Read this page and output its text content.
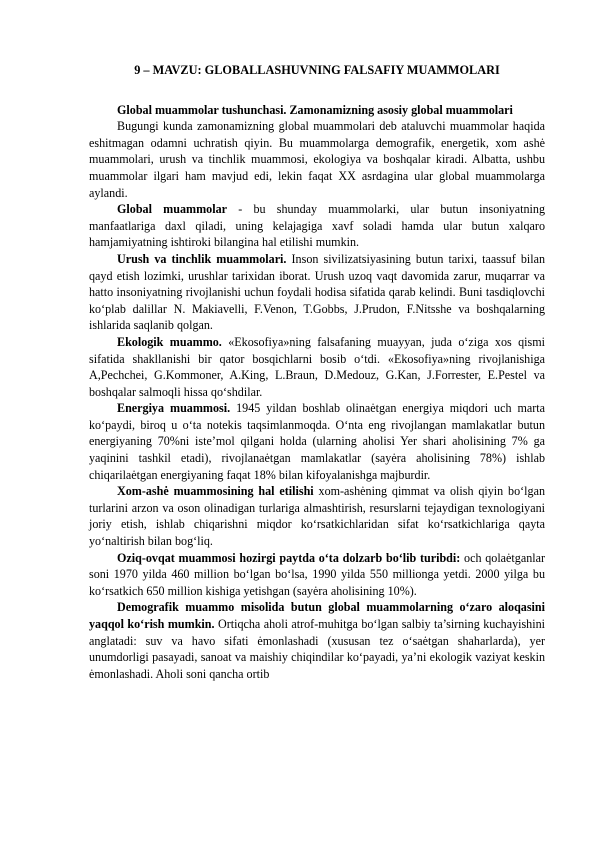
9 – MAVZU: GLOBALLASHUVNING FALSAFIY MUAMMOLARI

Global muammolar tushunchasi. Zamonamizning asosiy global muammolari

Bugungi kunda zamonamizning global muammolari deb ataluvchi muammolar haqida eshitmagan odamni uchratish qiyin. Bu muammolarga demografik, energetik, xom ashė muammolari, urush va tinchlik muammosi, ekologiya va boshqalar kiradi. Albatta, ushbu muammolar ilgari ham mavjud edi, lekin faqat XX asrdagina ular global muammolarga aylandi.

Global muammolar - bu shunday muammolarki, ular butun insoniyatning manfaatlariga daxl qiladi, uning kelajagiga xavf soladi hamda ular butun xalqaro hamjamiyatning ishtiroki bilangina hal etilishi mumkin.

Urush va tinchlik muammolari. Inson sivilizatsiyasining butun tarixi, taassuf bilan qayd etish lozimki, urushlar tarixidan iborat. Urush uzoq vaqt davomida zarur, muqarrar va hatto insoniyatning rivojlanishi uchun foydali hodisa sifatida qarab kelindi. Buni tasdiqlovchi ko‘plab dalillar N. Makiavelli, F.Venon, T.Gobbs, J.Prudon, F.Nitsshe va boshqalarning ishlarida saqlanib qolgan.

Ekologik muammo. «Ekosofiya»ning falsafaning muayyan, juda o‘ziga xos qismi sifatida shakllanishi bir qator bosqichlarni bosib o‘tdi. «Ekosofiya»ning rivojlanishiga A,Pechchei, G.Kommoner, A.King, L.Braun, D.Medouz, G.Kan, J.Forrester, E.Pestel va boshqalar salmoqli hissa qo‘shdilar.

Energiya muammosi. 1945 yildan boshlab olinaėtgan energiya miqdori uch marta ko‘paydi, biroq u o‘ta notekis taqsimlanmoqda. O‘nta eng rivojlangan mamlakatlar butun energiyaning 70%ni iste’mol qilgani holda (ularning aholisi Yer shari aholisining 7% ga yaqinini tashkil etadi), rivojlanaėtgan mamlakatlar (sayėra aholisining 78%) ishlab chiqarilaėtgan energiyaning faqat 18% bilan kifoyalanishga majburdir.

Xom-ashė muammosining hal etilishi xom-ashėning qimmat va olish qiyin bo‘lgan turlarini arzon va oson olinadigan turlariga almashtirish, resurslarni tejaydigan texnologiyani joriy etish, ishlab chiqarishni miqdor ko‘rsatkichlaridan sifat ko‘rsatkichlariga qayta yo‘naltirish bilan bog‘liq.

Oziq-ovqat muammosi hozirgi paytda o‘ta dolzarb bo‘lib turibdi: och qolaėtganlar soni 1970 yilda 460 million bo‘lgan bo‘lsa, 1990 yilda 550 millionga yetdi. 2000 yilga bu ko‘rsatkich 650 million kishiga yetishgan (sayėra aholisining 10%).

Demografik muammo misolida butun global muammolarning o‘zaro aloqasini yaqqol ko‘rish mumkin. Ortiqcha aholi atrof-muhitga bo‘lgan salbiy ta’sirning kuchayishini anglatadi: suv va havo sifati ėmonlashadi (xususan tez o‘saėtgan shaharlarda), yer unumdorligi pasayadi, sanoat va maishiy chiqindilar ko‘payadi, ya’ni ekologik vaziyat keskin ėmonlashadi. Aholi soni qancha ortib
